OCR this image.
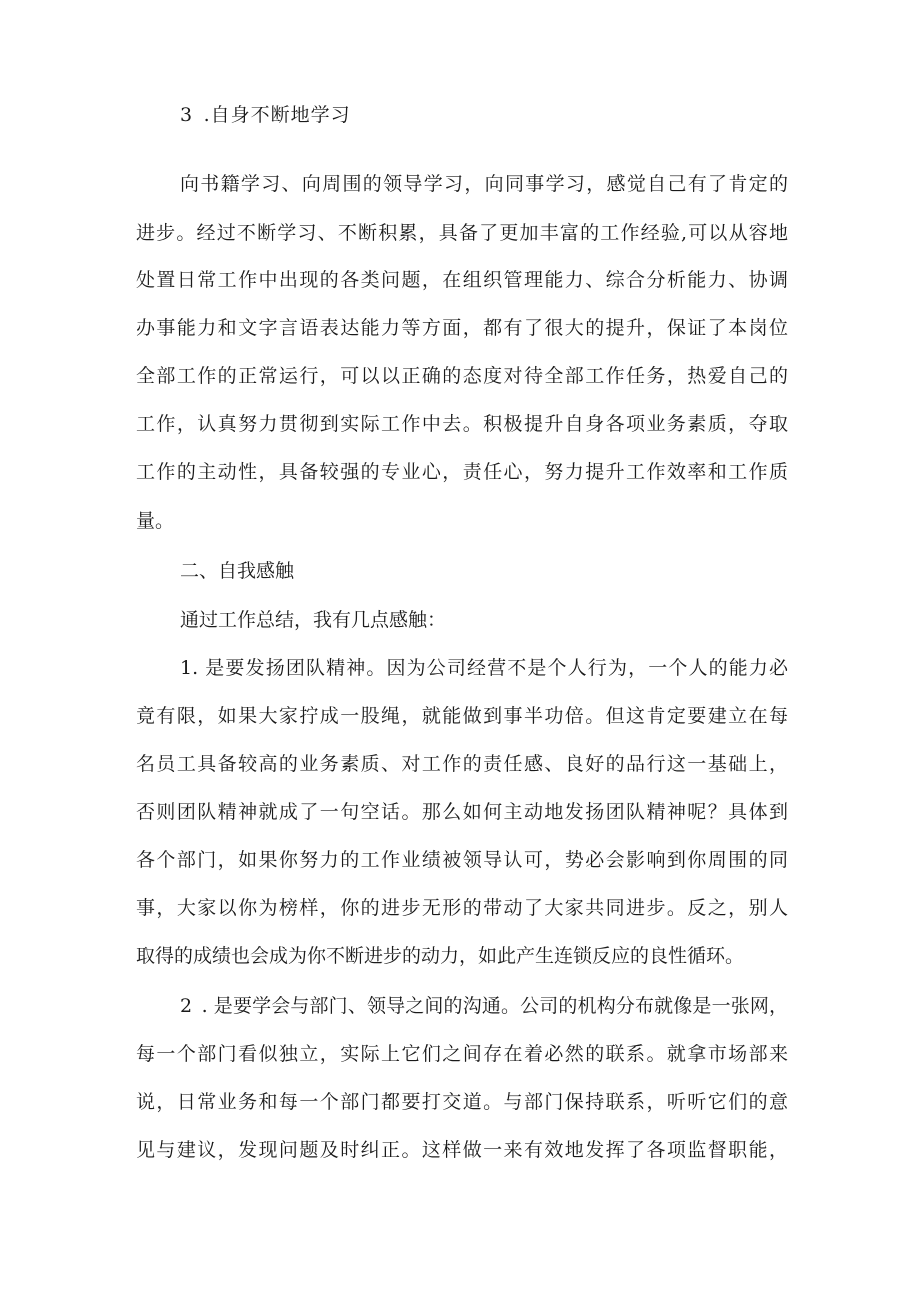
3 .自身不断地学习
向书籍学习、向周围的领导学习，向同事学习，感觉自己有了肯定的
进步。经过不断学习、不断积累，具备了更加丰富的工作经验,可以从容地
处置日常工作中出现的各类问题，在组织管理能力、综合分析能力、协调
办事能力和文字言语表达能力等方面，都有了很大的提升，保证了本岗位
全部工作的正常运行，可以以正确的态度对待全部工作任务，热爱自己的
工作，认真努力贯彻到实际工作中去。积极提升自身各项业务素质，夺取
工作的主动性，具备较强的专业心，责任心，努力提升工作效率和工作质
量。
二、自我感触
通过工作总结，我有几点感触：
1. 是要发扬团队精神。因为公司经营不是个人行为，一个人的能力必
竟有限，如果大家拧成一股绳，就能做到事半功倍。但这肯定要建立在每
名员工具备较高的业务素质、对工作的责任感、良好的品行这一基础上，
否则团队精神就成了一句空话。那么如何主动地发扬团队精神呢？具体到
各个部门，如果你努力的工作业绩被领导认可，势必会影响到你周围的同
事，大家以你为榜样，你的进步无形的带动了大家共同进步。反之，别人
取得的成绩也会成为你不断进步的动力，如此产生连锁反应的良性循环。
2 . 是要学会与部门、领导之间的沟通。公司的机构分布就像是一张网，
每一个部门看似独立，实际上它们之间存在着必然的联系。就拿市场部来
说，日常业务和每一个部门都要打交道。与部门保持联系，听听它们的意
见与建议，发现问题及时纠正。这样做一来有效地发挥了各项监督职能，
